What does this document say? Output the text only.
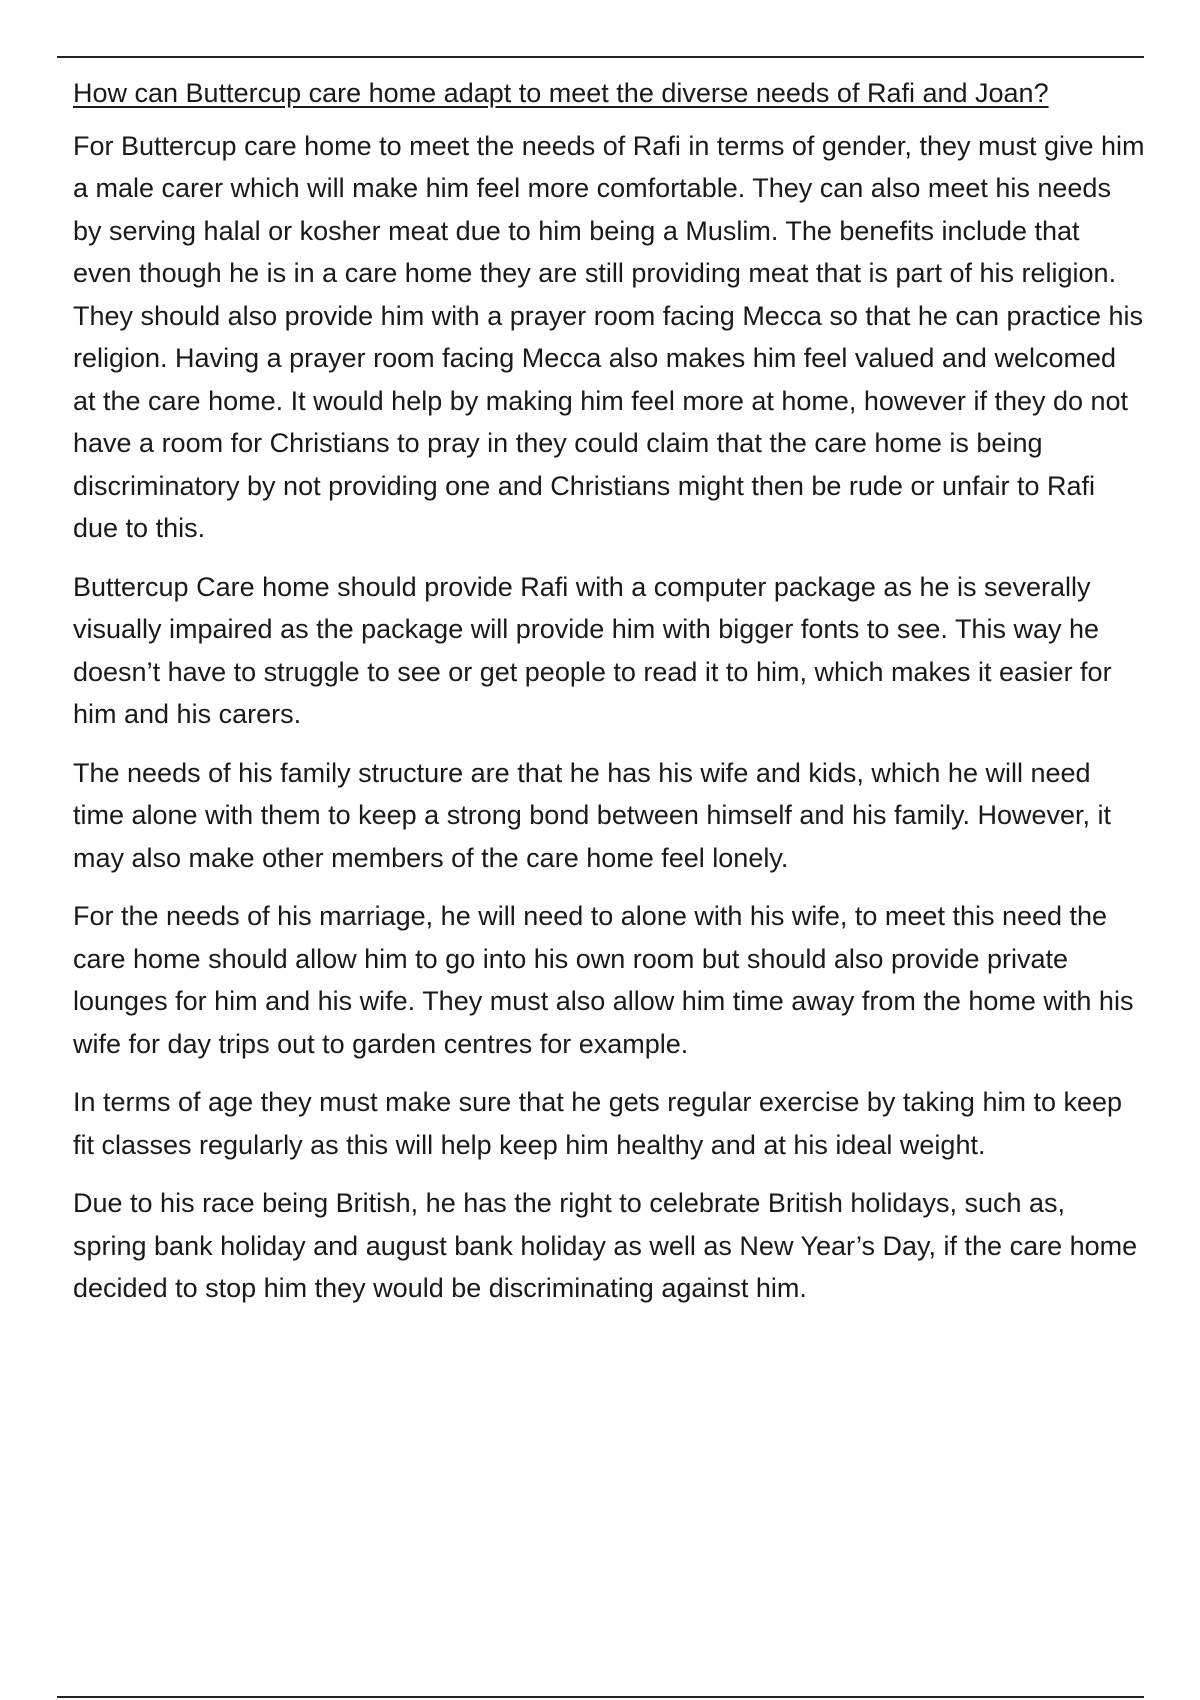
How can Buttercup care home adapt to meet the diverse needs of Rafi and Joan?

For Buttercup care home to meet the needs of Rafi in terms of gender, they must give him a male carer which will make him feel more comfortable. They can also meet his needs by serving halal or kosher meat due to him being a Muslim. The benefits include that even though he is in a care home they are still providing meat that is part of his religion. They should also provide him with a prayer room facing Mecca so that he can practice his religion. Having a prayer room facing Mecca also makes him feel valued and welcomed at the care home. It would help by making him feel more at home, however if they do not have a room for Christians to pray in they could claim that the care home is being discriminatory by not providing one and Christians might then be rude or unfair to Rafi due to this.

Buttercup Care home should provide Rafi with a computer package as he is severally visually impaired as the package will provide him with bigger fonts to see. This way he doesn’t have to struggle to see or get people to read it to him, which makes it easier for him and his carers.

The needs of his family structure are that he has his wife and kids, which he will need time alone with them to keep a strong bond between himself and his family. However, it may also make other members of the care home feel lonely.

For the needs of his marriage, he will need to alone with his wife, to meet this need the care home should allow him to go into his own room but should also provide private lounges for him and his wife. They must also allow him time away from the home with his wife for day trips out to garden centres for example.

In terms of age they must make sure that he gets regular exercise by taking him to keep fit classes regularly as this will help keep him healthy and at his ideal weight.

Due to his race being British, he has the right to celebrate British holidays, such as, spring bank holiday and august bank holiday as well as New Year’s Day, if the care home decided to stop him they would be discriminating against him.
